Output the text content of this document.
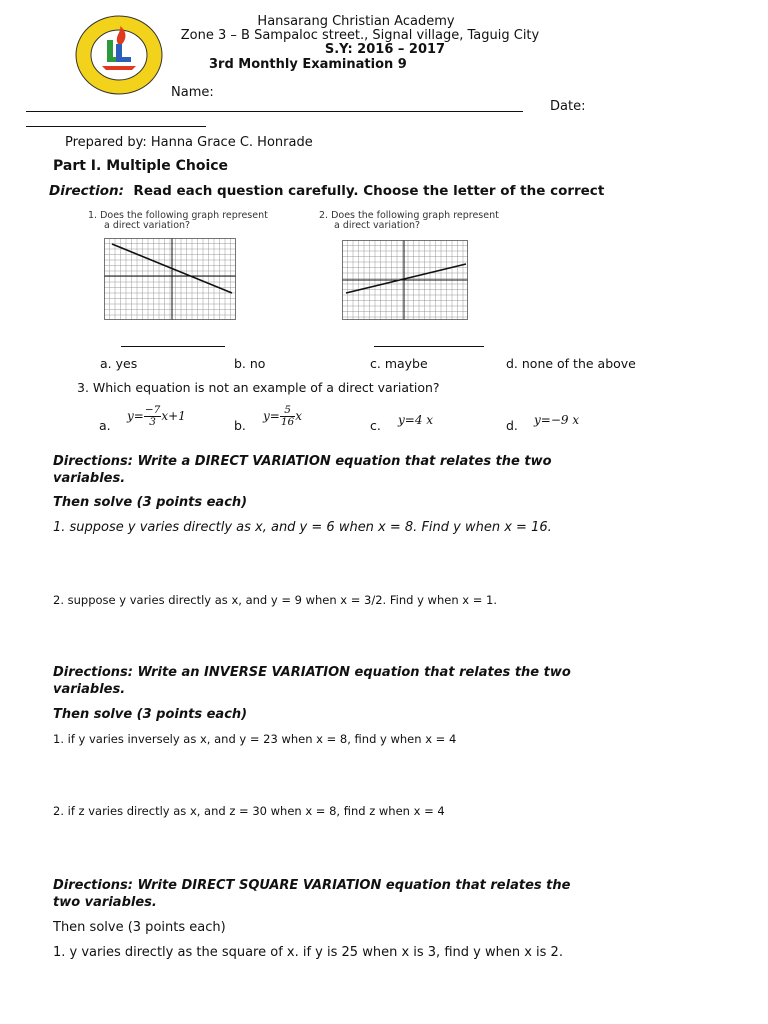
Hansarang Christian Academy
Zone 3 – B Sampaloc street., Signal village, Taguig City
S.Y: 2016 – 2017
3rd Monthly Examination 9
Name:
Date:
Prepared by: Hanna Grace C. Honrade
Part I. Multiple Choice
Direction: Read each question carefully. Choose the letter of the correct
1. Does the following graph represent
a direct variation?
2. Does the following graph represent
a direct variation?
a. yes	b. no	c. maybe	d. none of the above
3. Which equation is not an example of a direct variation?
a.
$y= \frac{-7}{3} x+1$
b.
$y= \frac{5}{16}$ x
c. y=4 x	d. y=−9 x
Directions: Write a DIRECT VARIATION equation that relates the two
variables.
Then solve (3 points each)
1. suppose y varies directly as x, and y = 6 when x = 8. Find y when x = 16.
2. suppose y varies directly as x, and y = 9 when x = 3/2. Find y when x = 1.
Directions: Write an INVERSE VARIATION equation that relates the two
variables.
Then solve (3 points each)
1. if y varies inversely as x, and y = 23 when x = 8, find y when x = 4
2. if z varies directly as x, and z = 30 when x = 8, find z when x = 4
Directions: Write DIRECT SQUARE VARIATION equation that relates the
two variables.
Then solve (3 points each)
1. y varies directly as the square of x. if y is 25 when x is 3, find y when x is 2.
